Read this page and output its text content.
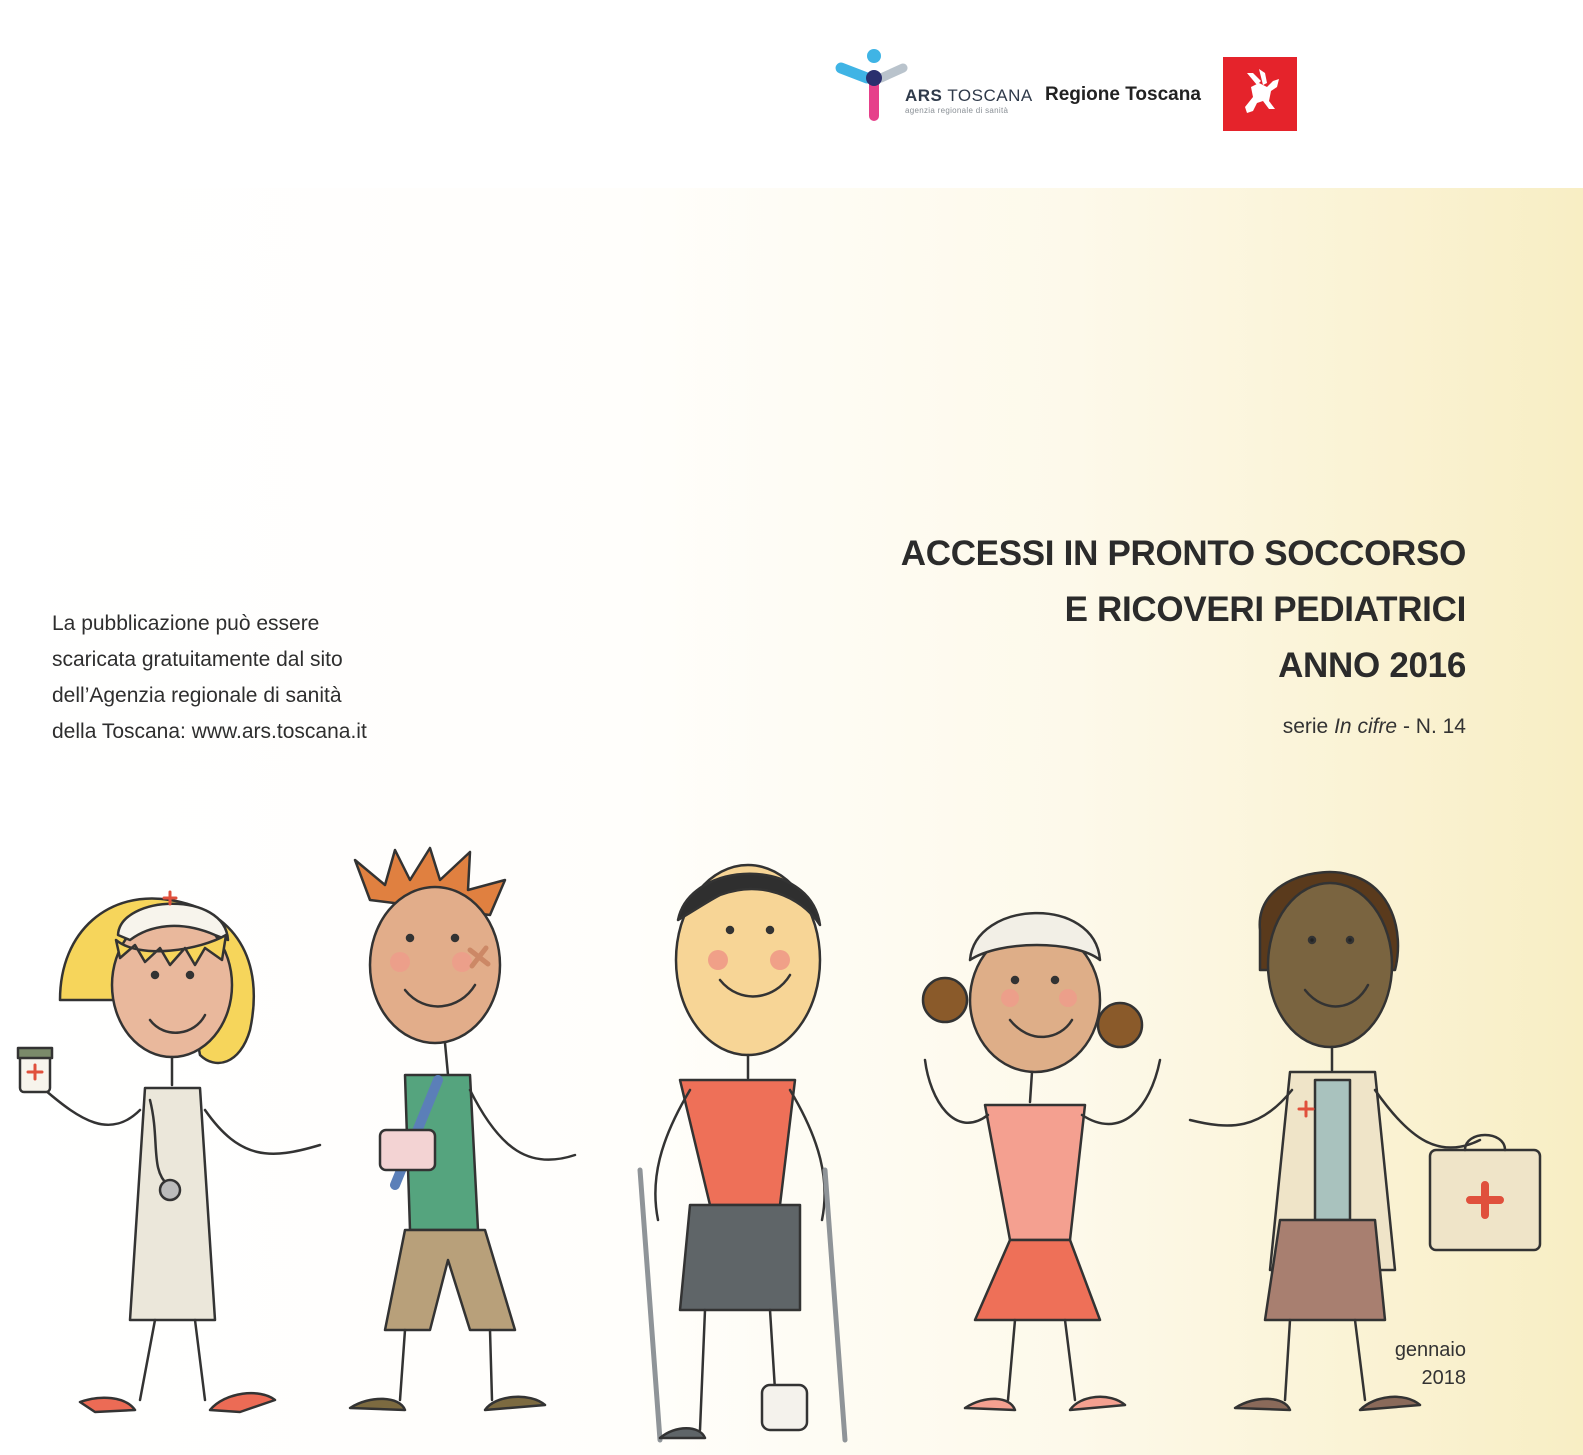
ARS TOSCANA
agenzia regionale di sanità
Regione Toscana
ACCESSI IN PRONTO SOCCORSO
E RICOVERI PEDIATRICI
ANNO 2016
serie In cifre - N. 14
La pubblicazione può essere
scaricata gratuitamente dal sito
dell’Agenzia regionale di sanità
della Toscana: www.ars.toscana.it
gennaio
2018
